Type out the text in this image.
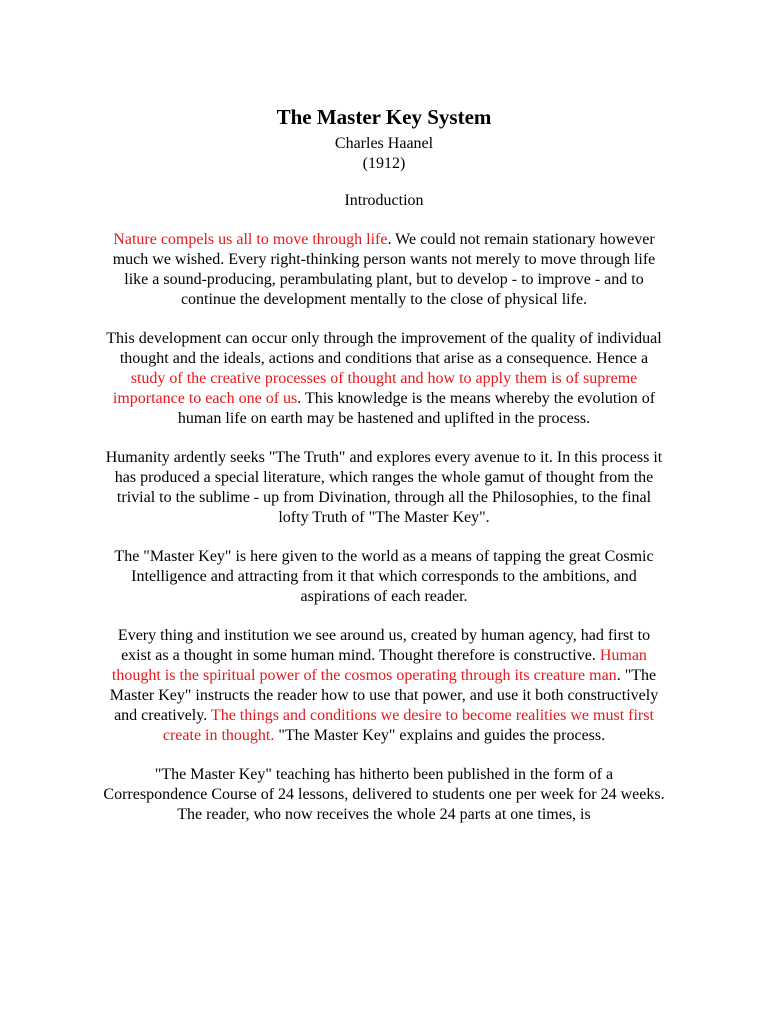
The Master Key System
Charles Haanel
(1912)
Introduction

Nature compels us all to move through life. We could not remain stationary however much we wished. Every right-thinking person wants not merely to move through life like a sound-producing, perambulating plant, but to develop - to improve - and to continue the development mentally to the close of physical life.

This development can occur only through the improvement of the quality of individual thought and the ideals, actions and conditions that arise as a consequence. Hence a study of the creative processes of thought and how to apply them is of supreme importance to each one of us. This knowledge is the means whereby the evolution of human life on earth may be hastened and uplifted in the process.

Humanity ardently seeks "The Truth" and explores every avenue to it. In this process it has produced a special literature, which ranges the whole gamut of thought from the trivial to the sublime - up from Divination, through all the Philosophies, to the final lofty Truth of "The Master Key".

The "Master Key" is here given to the world as a means of tapping the great Cosmic Intelligence and attracting from it that which corresponds to the ambitions, and aspirations of each reader.

Every thing and institution we see around us, created by human agency, had first to exist as a thought in some human mind. Thought therefore is constructive. Human thought is the spiritual power of the cosmos operating through its creature man. "The Master Key" instructs the reader how to use that power, and use it both constructively and creatively. The things and conditions we desire to become realities we must first create in thought. "The Master Key" explains and guides the process.

"The Master Key" teaching has hitherto been published in the form of a Correspondence Course of 24 lessons, delivered to students one per week for 24 weeks. The reader, who now receives the whole 24 parts at one times, is
